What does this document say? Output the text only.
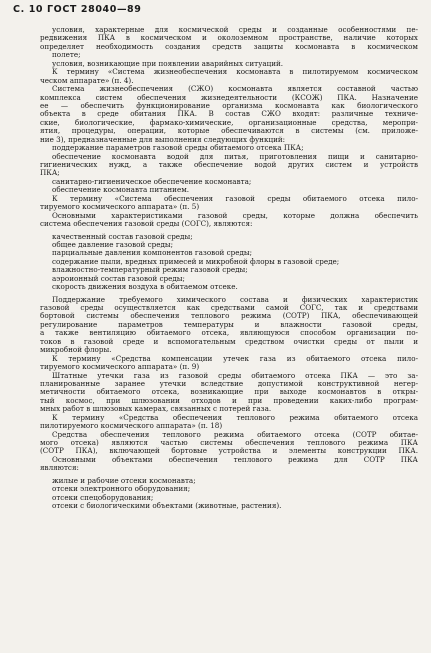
С. 10 ГОСТ 28040—89
условия, характерные для космической среды и созданные особенностями пе-
редвижения ПКА в космическом и околоземном пространстве, наличие которых
определяет необходимость создания средств защиты космонавта в космическом
полете;
условия, возникающие при появлении аварийных ситуаций.
К термину «Система жизнеобеспечения космонавта в пилотируемом космическом
ческом аппарате» (п. 4).
Система жизнеобеспечения (СЖО) космонавта является составной частью
комплекса систем обеспечения жизнедеятельности (КСОЖ) ПКА. Назначение
ее — обеспечить функционирование организма космонавта как биологического
объекта в среде обитания ПКА. В состав СЖО входят: различные техниче-
ские, биологические, фармако-химические, организационные средства, меропри-
ятия, процедуры, операции, которые обеспечиваются в системы (см. приложе-
ние 3), предназначенные для выполнения следующих функций:
поддержание параметров газовой среды обитаемого отсека ПКА;
обеспечение космонавта водой для питья, приготовления пищи и санитарно-
гигиенических нужд, а также обеспечение водой других систем и устройств
ПКА;
санитарно-гигиеническое обеспечение космонавта;
обеспечение космонавта питанием.
К термину «Система обеспечения газовой среды обитаемого отсека пило-
тируемого космического аппарата» (п. 5)
Основными характеристиками газовой среды, которые должна обеспечить
система обеспечения газовой среды (СОГС), являются:
качественный состав газовой среды;
общее давление газовой среды;
парциальные давления компонентов газовой среды;
содержание пыли, вредных примесей и микробной флоры в газовой среде;
влажностно-температурный режим газовой среды;
аэроионный состав газовой среды;
скорость движения воздуха в обитаемом отсеке.
Поддержание требуемого химического состава и физических характеристик
газовой среды осуществляется как средствами самой СОГС, так и средствами
бортовой системы обеспечения теплового режима (СОТР) ПКА, обеспечивающей
регулирование параметров температуры и влажности газовой среды,
а также вентиляцию обитаемого отсека, являющуюся способом организации по-
токов в газовой среде и вспомогательным средством очистки среды от пыли и
микробной флоры.
К термину «Средства компенсации утечек газа из обитаемого отсека пило-
тируемого космического аппарата» (п. 9)
Штатные утечки газа из газовой среды обитаемого отсека ПКА — это за-
планированные заранее утечки вследствие допустимой конструктивной негер-
метичности обитаемого отсека, возникающие при выходе космонавтов в откры-
тый космос, при шлюзовании отходов и при проведении каких-либо програм-
мных работ в шлюзовых камерах, связанных с потерей газа.
К термину «Средства обеспечения теплового режима обитаемого отсека
пилотируемого космического аппарата» (п. 18)
Средства обеспечения теплового режима обитаемого отсека (СОТР обитае-
мого отсека) являются частью системы обеспечения теплового режима ПКА
(СОТР ПКА), включающей бортовые устройства и элементы конструкции ПКА.
Основными объектами обеспечения теплового режима для СОТР ПКА
являются:
жилые и рабочие отсеки космонавта;
отсеки электронного оборудования;
отсеки спецоборудования;
отсеки с биологическими объектами (животные, растения).
